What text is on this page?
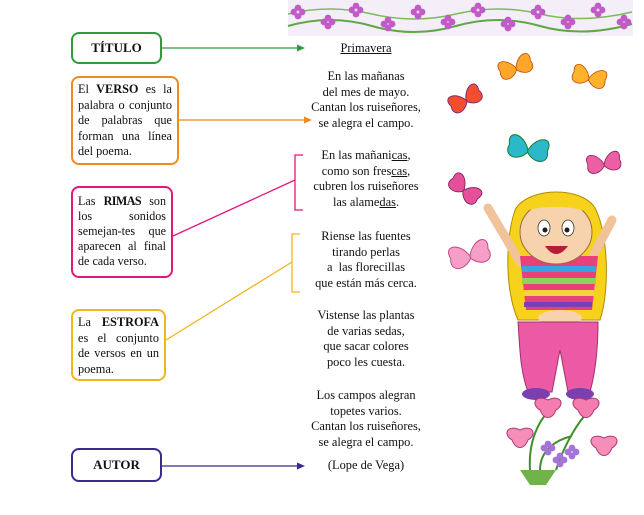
TÍTULO
El VERSO es la palabra o conjunto de palabras que forman una línea del poema.
Las RIMAS son los sonidos semejan-tes que aparecen al final de cada verso.
La ESTROFA es el conjunto de versos en un poema.
AUTOR
Primavera
En las mañanas
del mes de mayo.
Cantan los ruiseñores,
se alegra el campo.
En las mañanicas,
como son frescas,
cubren los ruiseñores
las alamedas.
Riense las fuentes
tirando perlas
a  las florecillas
que están más cerca.
Vistense las plantas
de varias sedas,
que sacar colores
poco les cuesta.
Los campos alegran
topetes varios.
Cantan los ruiseñores,
se alegra el campo.
(Lope de Vega)
